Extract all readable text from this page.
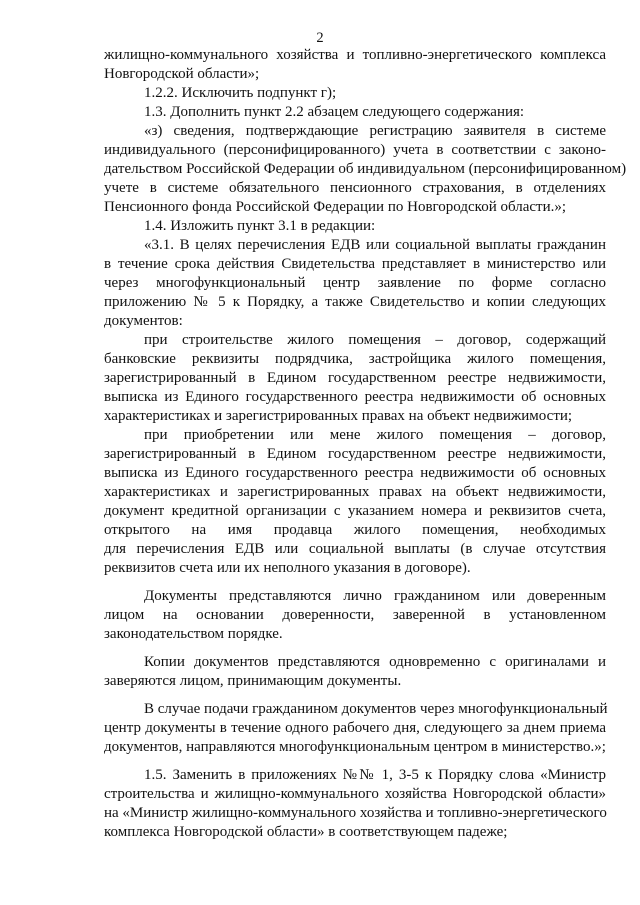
2
жилищно-коммунального хозяйства и топливно-энергетического комплекса
Новгородской области»;
1.2.2. Исключить подпункт г);
1.3. Дополнить пункт 2.2 абзацем следующего содержания:
«з) сведения, подтверждающие регистрацию заявителя в системе
индивидуального (персонифицированного) учета в соответствии с законо-
дательством Российской Федерации об индивидуальном (персонифицированном)
учете в системе обязательного пенсионного страхования, в отделениях
Пенсионного фонда Российской Федерации по Новгородской области.»;
1.4. Изложить пункт 3.1 в редакции:
«3.1. В целях перечисления ЕДВ или социальной выплаты гражданин
в течение срока действия Свидетельства представляет в министерство или
через многофункциональный центр заявление по форме согласно
приложению № 5 к Порядку, а также Свидетельство и копии следующих
документов:
при строительстве жилого помещения – договор, содержащий
банковские реквизиты подрядчика, застройщика жилого помещения,
зарегистрированный в Едином государственном реестре недвижимости,
выписка из Единого государственного реестра недвижимости об основных
характеристиках и зарегистрированных правах на объект недвижимости;
при приобретении или мене жилого помещения – договор,
зарегистрированный в Едином государственном реестре недвижимости,
выписка из Единого государственного реестра недвижимости об основных
характеристиках и зарегистрированных правах на объект недвижимости,
документ кредитной организации с указанием номера и реквизитов счета,
открытого на имя продавца жилого помещения, необходимых
для перечисления ЕДВ или социальной выплаты (в случае отсутствия
реквизитов счета или их неполного указания в договоре).
Документы представляются лично гражданином или доверенным
лицом на основании доверенности, заверенной в установленном
законодательством порядке.
Копии документов представляются одновременно с оригиналами и
заверяются лицом, принимающим документы.
В случае подачи гражданином документов через многофункциональный
центр документы в течение одного рабочего дня, следующего за днем приема
документов, направляются многофункциональным центром в министерство.»;
1.5. Заменить в приложениях №№ 1, 3-5 к Порядку слова «Министр
строительства и жилищно-коммунального хозяйства Новгородской области»
на «Министр жилищно-коммунального хозяйства и топливно-энергетического
комплекса Новгородской области» в соответствующем падеже;
